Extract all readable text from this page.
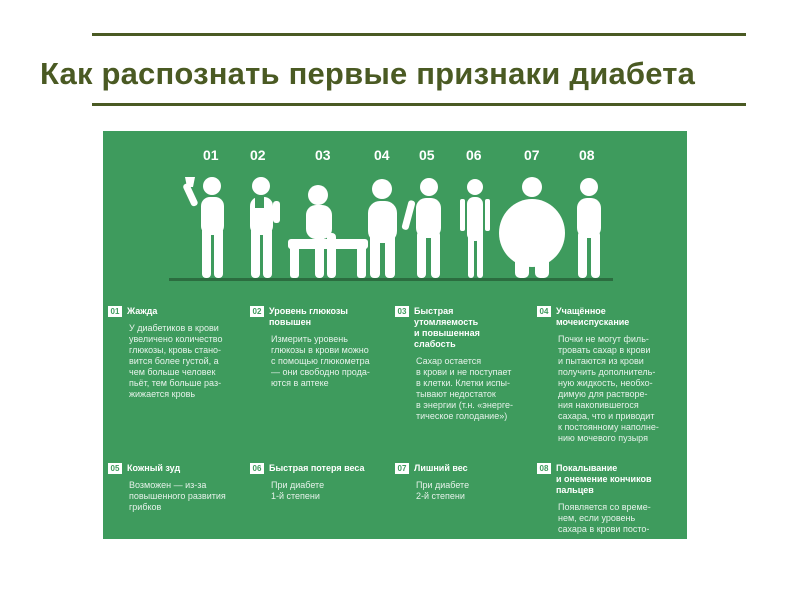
Как распознать первые признаки диабета
01 02	03	04 05 06	07	08
01 Жажда
У диабетиков в крови
увеличено количество
глюкозы, кровь стано-
вится более густой, а
чем больше человек
пьёт, тем больше раз-
жижается кровь
02 Уровень глюкозы
повышен
Измерить уровень
глюкозы в крови можно
с помощью глюкометра
— они свободно прода-
ются в аптеке
03 Быстрая
утомляемость
и повышенная
слабость
Сахар остается
в крови и не поступает
в клетки. Клетки испы-
тывают недостаток
в энергии (т.н. «энерге-
тическое голодание»)
04 Учащённое
мочеиспускание
Почки не могут филь-
тровать сахар в крови
и пытаются из крови
получить дополнитель-
ную жидкость, необхо-
димую для растворе-
ния накопившегося
сахара, что и приводит
к постоянному наполне-
нию мочевого пузыря
05 Кожный зуд
Возможен — из-за
повышенного развития
грибков
06 Быстрая потеря веса
При диабете
1-й степени
07 Лишний вес
При диабете
2-й степени
08 Покалывание
и онемение кончиков
пальцев
Появляется со време-
нем, если уровень
сахара в крови посто-
